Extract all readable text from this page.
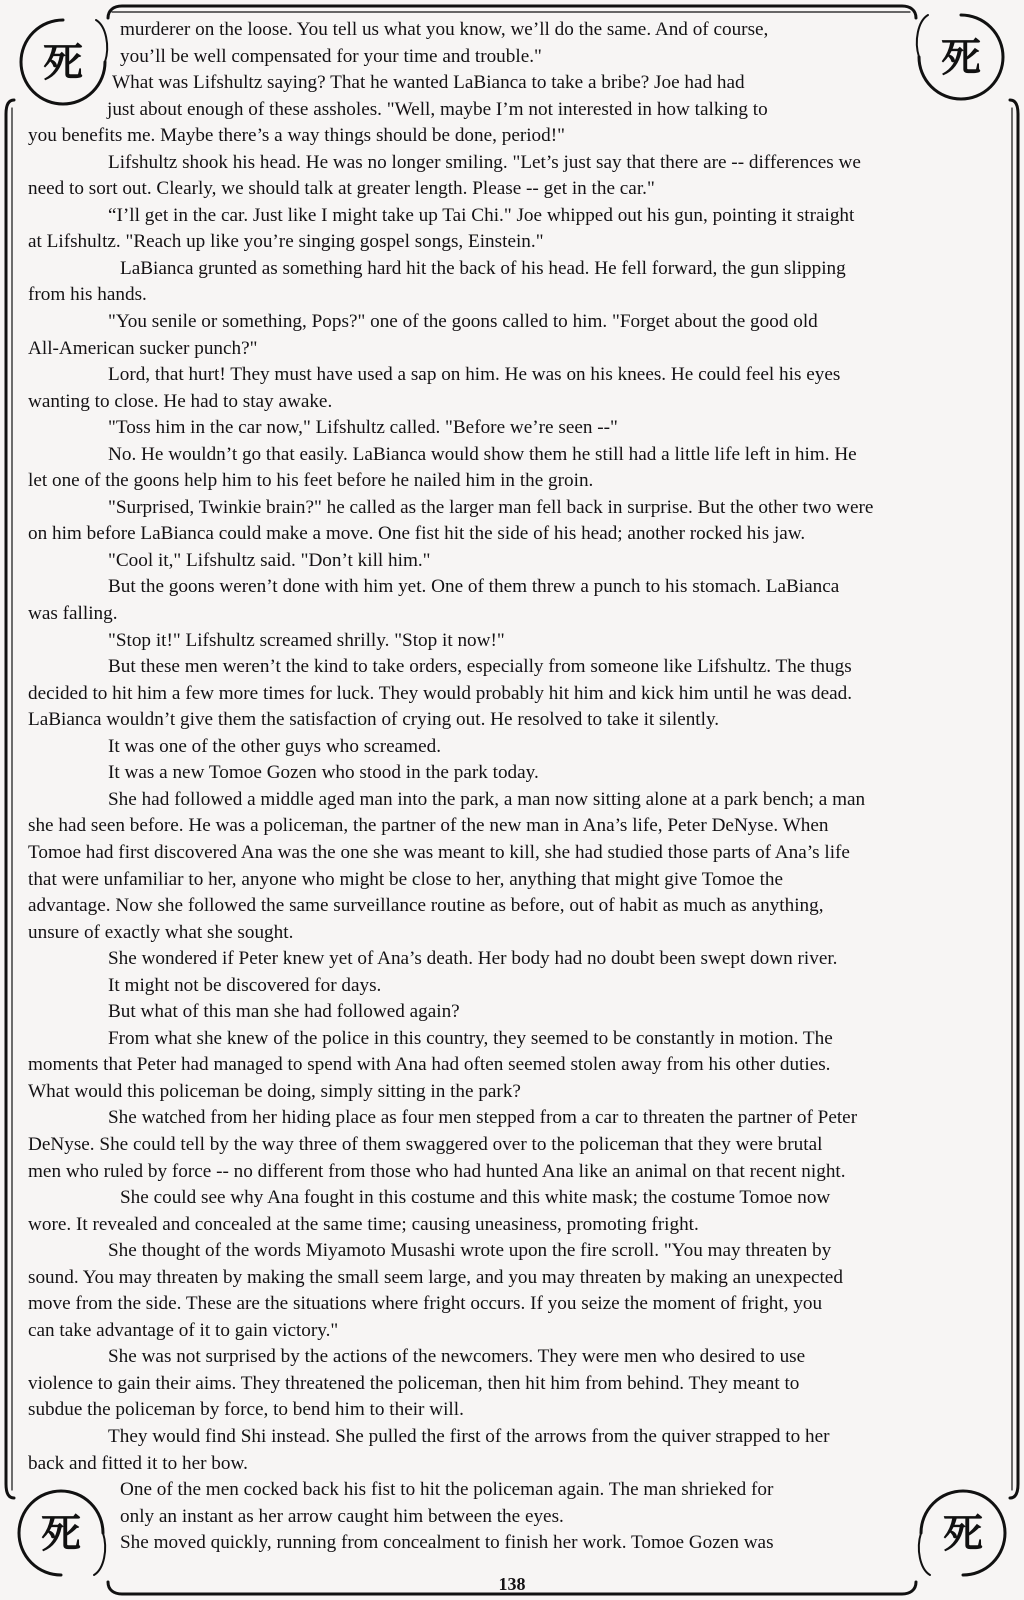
死	死
死	死

murderer on the loose. You tell us what you know, we’ll do the same. And of course,

you’ll be well compensated for your time and trouble."

What was Lifshultz saying? That he wanted LaBianca to take a bribe? Joe had had

just about enough of these assholes. "Well, maybe I’m not interested in how talking to

you benefits me. Maybe there’s a way things should be done, period!"

Lifshultz shook his head. He was no longer smiling. "Let’s just say that there are -- differences we

need to sort out. Clearly, we should talk at greater length. Please -- get in the car."

“I’ll get in the car. Just like I might take up Tai Chi." Joe whipped out his gun, pointing it straight

at Lifshultz. "Reach up like you’re singing gospel songs, Einstein."

LaBianca grunted as something hard hit the back of his head. He fell forward, the gun slipping

from his hands.

"You senile or something, Pops?" one of the goons called to him. "Forget about the good old

All-American sucker punch?"

Lord, that hurt! They must have used a sap on him. He was on his knees. He could feel his eyes

wanting to close. He had to stay awake.

"Toss him in the car now," Lifshultz called. "Before we’re seen --"

No. He wouldn’t go that easily. LaBianca would show them he still had a little life left in him. He

let one of the goons help him to his feet before he nailed him in the groin.

"Surprised, Twinkie brain?" he called as the larger man fell back in surprise. But the other two were

on him before LaBianca could make a move. One fist hit the side of his head; another rocked his jaw.

"Cool it," Lifshultz said. "Don’t kill him."

But the goons weren’t done with him yet. One of them threw a punch to his stomach. LaBianca

was falling.

"Stop it!" Lifshultz screamed shrilly. "Stop it now!"

But these men weren’t the kind to take orders, especially from someone like Lifshultz. The thugs

decided to hit him a few more times for luck. They would probably hit him and kick him until he was dead.

LaBianca wouldn’t give them the satisfaction of crying out. He resolved to take it silently.

It was one of the other guys who screamed.

It was a new Tomoe Gozen who stood in the park today.

She had followed a middle aged man into the park, a man now sitting alone at a park bench; a man

she had seen before. He was a policeman, the partner of the new man in Ana’s life, Peter DeNyse. When

Tomoe had first discovered Ana was the one she was meant to kill, she had studied those parts of Ana’s life

that were unfamiliar to her, anyone who might be close to her, anything that might give Tomoe the

advantage. Now she followed the same surveillance routine as before, out of habit as much as anything,

unsure of exactly what she sought.

She wondered if Peter knew yet of Ana’s death. Her body had no doubt been swept down river.

It might not be discovered for days.

But what of this man she had followed again?

From what she knew of the police in this country, they seemed to be constantly in motion. The

moments that Peter had managed to spend with Ana had often seemed stolen away from his other duties.

What would this policeman be doing, simply sitting in the park?

She watched from her hiding place as four men stepped from a car to threaten the partner of Peter

DeNyse. She could tell by the way three of them swaggered over to the policeman that they were brutal

men who ruled by force -- no different from those who had hunted Ana like an animal on that recent night.

She could see why Ana fought in this costume and this white mask; the costume Tomoe now

wore. It revealed and concealed at the same time; causing uneasiness, promoting fright.

She thought of the words Miyamoto Musashi wrote upon the fire scroll. "You may threaten by

sound. You may threaten by making the small seem large, and you may threaten by making an unexpected

move from the side. These are the situations where fright occurs. If you seize the moment of fright, you

can take advantage of it to gain victory."

She was not surprised by the actions of the newcomers. They were men who desired to use

violence to gain their aims. They threatened the policeman, then hit him from behind. They meant to

subdue the policeman by force, to bend him to their will.

They would find Shi instead. She pulled the first of the arrows from the quiver strapped to her

back and fitted it to her bow.

One of the men cocked back his fist to hit the policeman again. The man shrieked for

only an instant as her arrow caught him between the eyes.

She moved quickly, running from concealment to finish her work. Tomoe Gozen was

138
